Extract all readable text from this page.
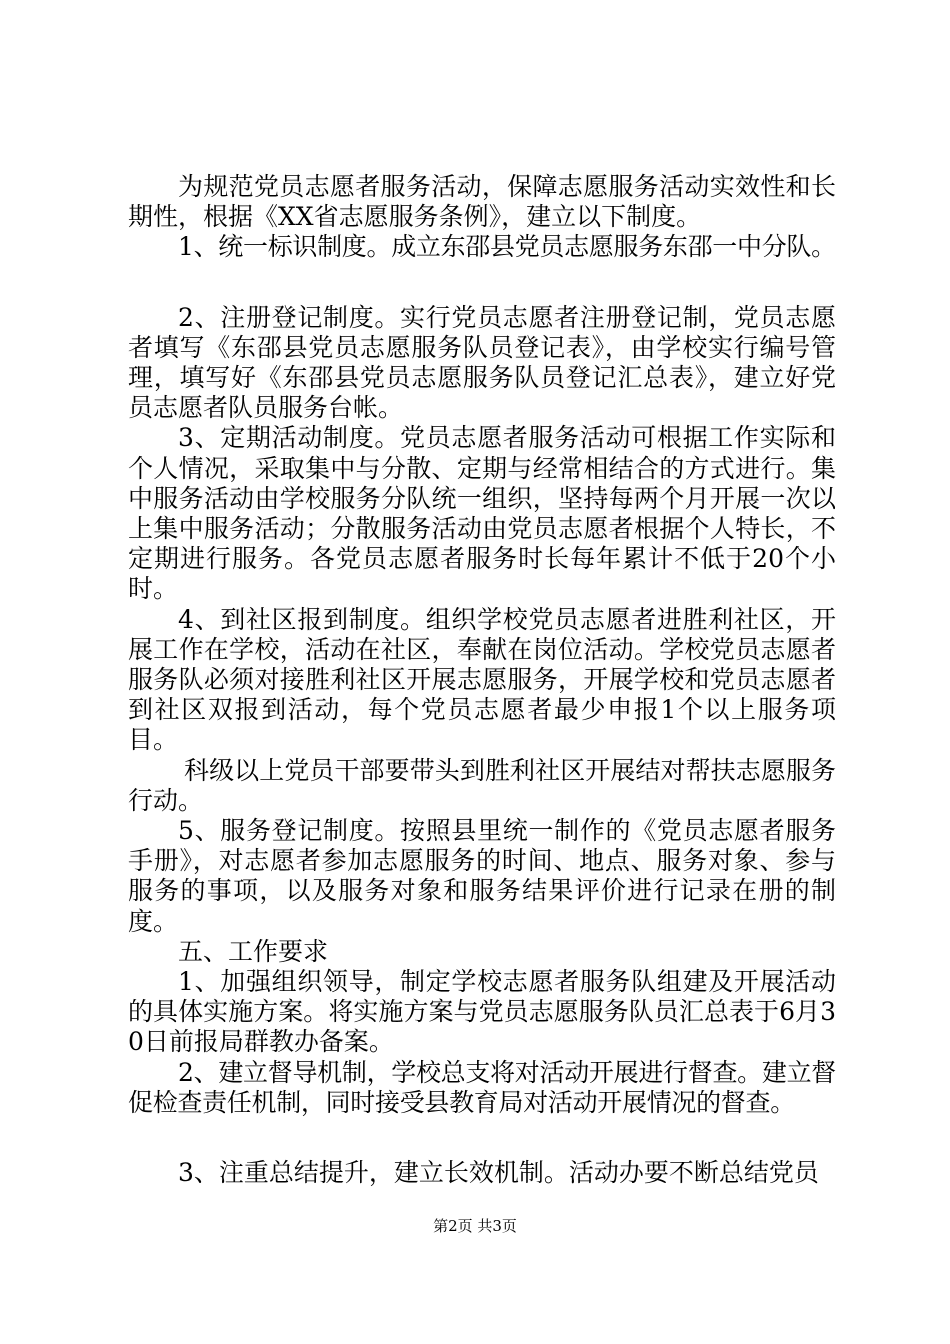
为规范党员志愿者服务活动，保障志愿服务活动实效性和长期性，根据《XX省志愿服务条例》，建立以下制度。

1、统一标识制度。成立东邵县党员志愿服务东邵一中分队。

2、注册登记制度。实行党员志愿者注册登记制，党员志愿者填写《东邵县党员志愿服务队员登记表》，由学校实行编号管理，填写好《东邵县党员志愿服务队员登记汇总表》，建立好党员志愿者队员服务台帐。

3、定期活动制度。党员志愿者服务活动可根据工作实际和个人情况，采取集中与分散、定期与经常相结合的方式进行。集中服务活动由学校服务分队统一组织，坚持每两个月开展一次以上集中服务活动；分散服务活动由党员志愿者根据个人特长，不定期进行服务。各党员志愿者服务时长每年累计不低于20个小时。

4、到社区报到制度。组织学校党员志愿者进胜利社区，开展工作在学校，活动在社区，奉献在岗位活动。学校党员志愿者服务队必须对接胜利社区开展志愿服务，开展学校和党员志愿者到社区双报到活动，每个党员志愿者最少申报1个以上服务项目。

科级以上党员干部要带头到胜利社区开展结对帮扶志愿服务行动。

5、服务登记制度。按照县里统一制作的《党员志愿者服务手册》，对志愿者参加志愿服务的时间、地点、服务对象、参与服务的事项，以及服务对象和服务结果评价进行记录在册的制度。

五、工作要求

1、加强组织领导，制定学校志愿者服务队组建及开展活动的具体实施方案。将实施方案与党员志愿服务队员汇总表于6月30日前报局群教办备案。

2、建立督导机制，学校总支将对活动开展进行督查。建立督促检查责任机制，同时接受县教育局对活动开展情况的督查。

3、注重总结提升，建立长效机制。活动办要不断总结党员

第2页 共3页
